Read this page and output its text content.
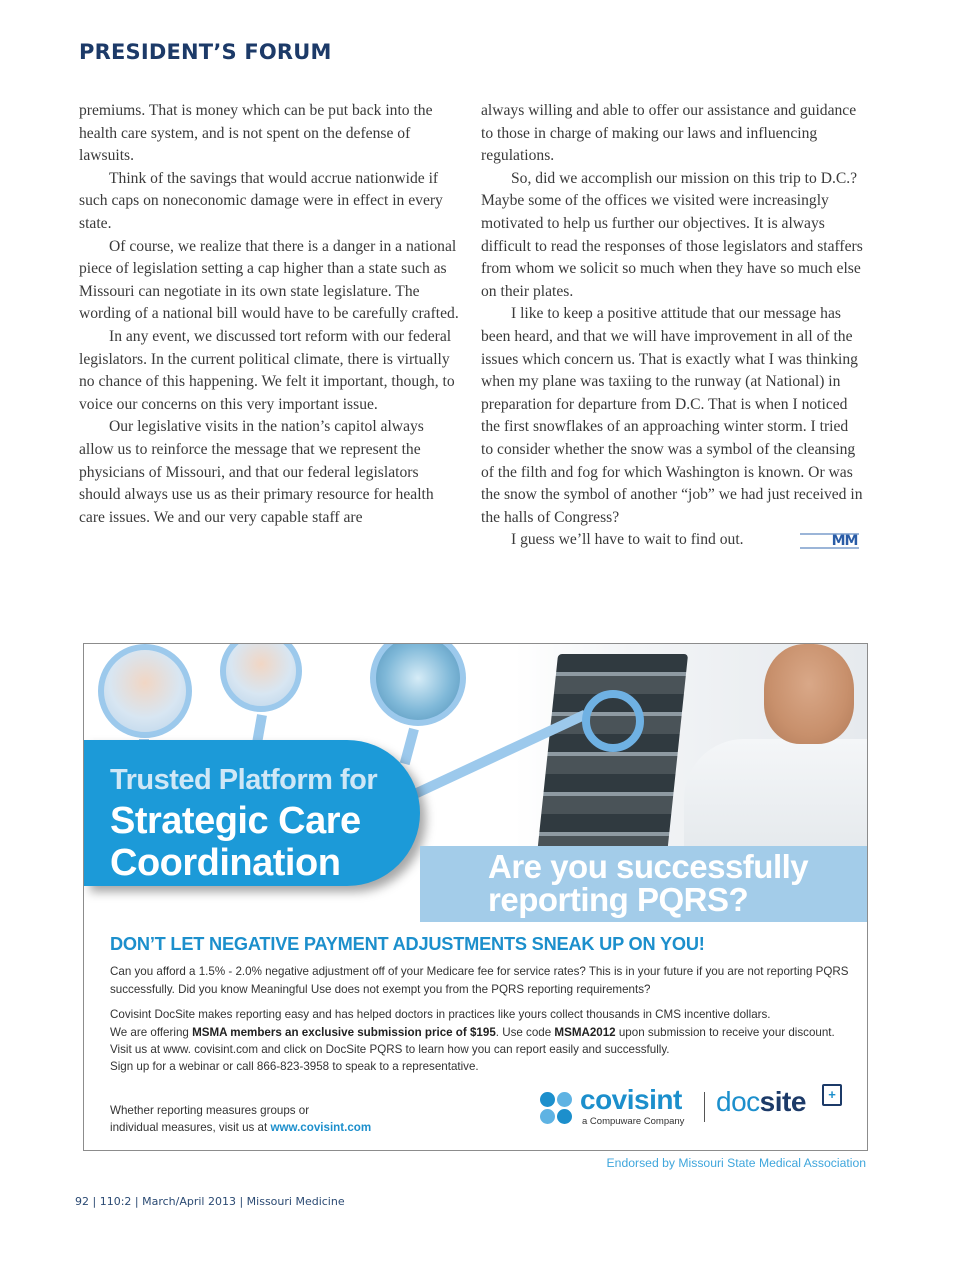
PRESIDENT’S FORUM

premiums. That is money which can be put back into the health care system, and is not spent on the defense of lawsuits.

Think of the savings that would accrue nationwide if such caps on noneconomic damage were in effect in every state.

Of course, we realize that there is a danger in a national piece of legislation setting a cap higher than a state such as Missouri can negotiate in its own state legislature. The wording of a national bill would have to be carefully crafted.

In any event, we discussed tort reform with our federal legislators. In the current political climate, there is virtually no chance of this happening. We felt it important, though, to voice our concerns on this very important issue.

Our legislative visits in the nation’s capitol always allow us to reinforce the message that we represent the physicians of Missouri, and that our federal legislators should always use us as their primary resource for health care issues. We and our very capable staff are

always willing and able to offer our assistance and guidance to those in charge of making our laws and influencing regulations.

So, did we accomplish our mission on this trip to D.C.? Maybe some of the offices we visited were increasingly motivated to help us further our objectives. It is always difficult to read the responses of those legislators and staffers from whom we solicit so much when they have so much else on their plates.

I like to keep a positive attitude that our message has been heard, and that we will have improvement in all of the issues which concern us. That is exactly what I was thinking when my plane was taxiing to the runway (at National) in preparation for departure from D.C. That is when I noticed the first snowflakes of an approaching winter storm. I tried to consider whether the snow was a symbol of the cleansing of the filth and fog for which Washington is known. Or was the snow the symbol of another “job” we had just received in the halls of Congress?

I guess we’ll have to wait to find out.	MM

Trusted Platform for
Strategic Care Coordination	Are you successfully reporting PQRS?
DON’T LET NEGATIVE PAYMENT ADJUSTMENTS SNEAK UP ON YOU!

Can you afford a 1.5% - 2.0% negative adjustment off of your Medicare fee for service rates? This is in your future if you are not reporting PQRS successfully. Did you know Meaningful Use does not exempt you from the PQRS reporting requirements?

Covisint DocSite makes reporting easy and has helped doctors in practices like yours collect thousands in CMS incentive dollars.
We are offering MSMA members an exclusive submission price of $195. Use code MSMA2012 upon submission to receive your discount.
Visit us at www. covisint.com and click on DocSite PQRS to learn how you can report easily and successfully.
Sign up for a webinar or call 866-823-3958 to speak to a representative.

Whether reporting measures groups or
individual measures, visit us at www.covisint.com
covisint
a Compuware Company
docsite	+
Endorsed by Missouri State Medical Association
92 | 110:2 | March/April 2013 | Missouri Medicine
